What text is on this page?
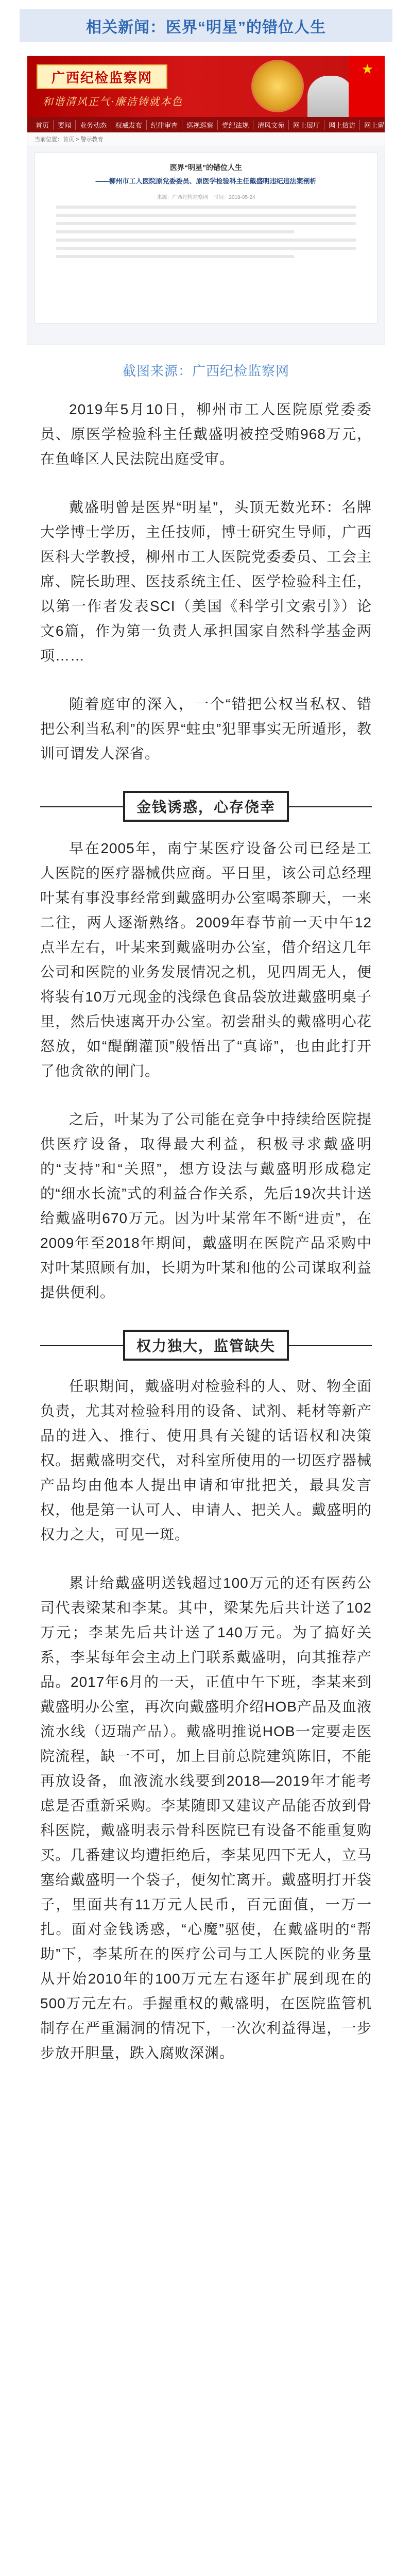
相关新闻：医界“明星”的错位人生
广西纪检监察网
和谐清风正气·廉洁铸就本色
★
首页	要闻	业务动态	权威发布	纪律审查	巡视巡察	党纪法规	清风文苑	网上展厅	网上信访	网上留言
当前位置：首页 > 警示教育
医界“明星”的错位人生
——柳州市工人医院原党委委员、原医学检验科主任戴盛明违纪违法案剖析
来源：广西纪检监察网　时间：2019-05-24
截图来源：广西纪检监察网

2019年5月10日，柳州市工人医院原党委委员、原医学检验科主任戴盛明被控受贿968万元，在鱼峰区人民法院出庭受审。

戴盛明曾是医界“明星”，头顶无数光环：名牌大学博士学历，主任技师，博士研究生导师，广西医科大学教授，柳州市工人医院党委委员、工会主席、院长助理、医技系统主任、医学检验科主任，以第一作者发表SCI（美国《科学引文索引》）论文6篇，作为第一负责人承担国家自然科学基金两项……

随着庭审的深入，一个“错把公权当私权、错把公利当私利”的医界“蛀虫”犯罪事实无所遁形，教训可谓发人深省。

金钱诱惑，心存侥幸

早在2005年，南宁某医疗设备公司已经是工人医院的医疗器械供应商。平日里，该公司总经理叶某有事没事经常到戴盛明办公室喝茶聊天，一来二往，两人逐渐熟络。2009年春节前一天中午12点半左右，叶某来到戴盛明办公室，借介绍这几年公司和医院的业务发展情况之机，见四周无人，便将装有10万元现金的浅绿色食品袋放进戴盛明桌子里，然后快速离开办公室。初尝甜头的戴盛明心花怒放，如“醍醐灌顶”般悟出了“真谛”，也由此打开了他贪欲的闸门。

之后，叶某为了公司能在竞争中持续给医院提供医疗设备，取得最大利益，积极寻求戴盛明的“支持”和“关照”，想方设法与戴盛明形成稳定的“细水长流”式的利益合作关系，先后19次共计送给戴盛明670万元。因为叶某常年不断“进贡”，在2009年至2018年期间，戴盛明在医院产品采购中对叶某照顾有加，长期为叶某和他的公司谋取利益提供便利。

权力独大，监管缺失

任职期间，戴盛明对检验科的人、财、物全面负责，尤其对检验科用的设备、试剂、耗材等新产品的进入、推行、使用具有关键的话语权和决策权。据戴盛明交代，对科室所使用的一切医疗器械产品均由他本人提出申请和审批把关，最具发言权，他是第一认可人、申请人、把关人。戴盛明的权力之大，可见一斑。

累计给戴盛明送钱超过100万元的还有医药公司代表梁某和李某。其中，梁某先后共计送了102万元；李某先后共计送了140万元。为了搞好关系，李某每年会主动上门联系戴盛明，向其推荐产品。2017年6月的一天，正值中午下班，李某来到戴盛明办公室，再次向戴盛明介绍HOB产品及血液流水线（迈瑞产品）。戴盛明推说HOB一定要走医院流程，缺一不可，加上目前总院建筑陈旧，不能再放设备，血液流水线要到2018—2019年才能考虑是否重新采购。李某随即又建议产品能否放到骨科医院，戴盛明表示骨科医院已有设备不能重复购买。几番建议均遭拒绝后，李某见四下无人，立马塞给戴盛明一个袋子，便匆忙离开。戴盛明打开袋子，里面共有11万元人民币，百元面值，一万一扎。面对金钱诱惑，“心魔”驱使，在戴盛明的“帮助”下，李某所在的医疗公司与工人医院的业务量从开始2010年的100万元左右逐年扩展到现在的500万元左右。手握重权的戴盛明，在医院监管机制存在严重漏洞的情况下，一次次利益得逞，一步步放开胆量，跌入腐败深渊。
